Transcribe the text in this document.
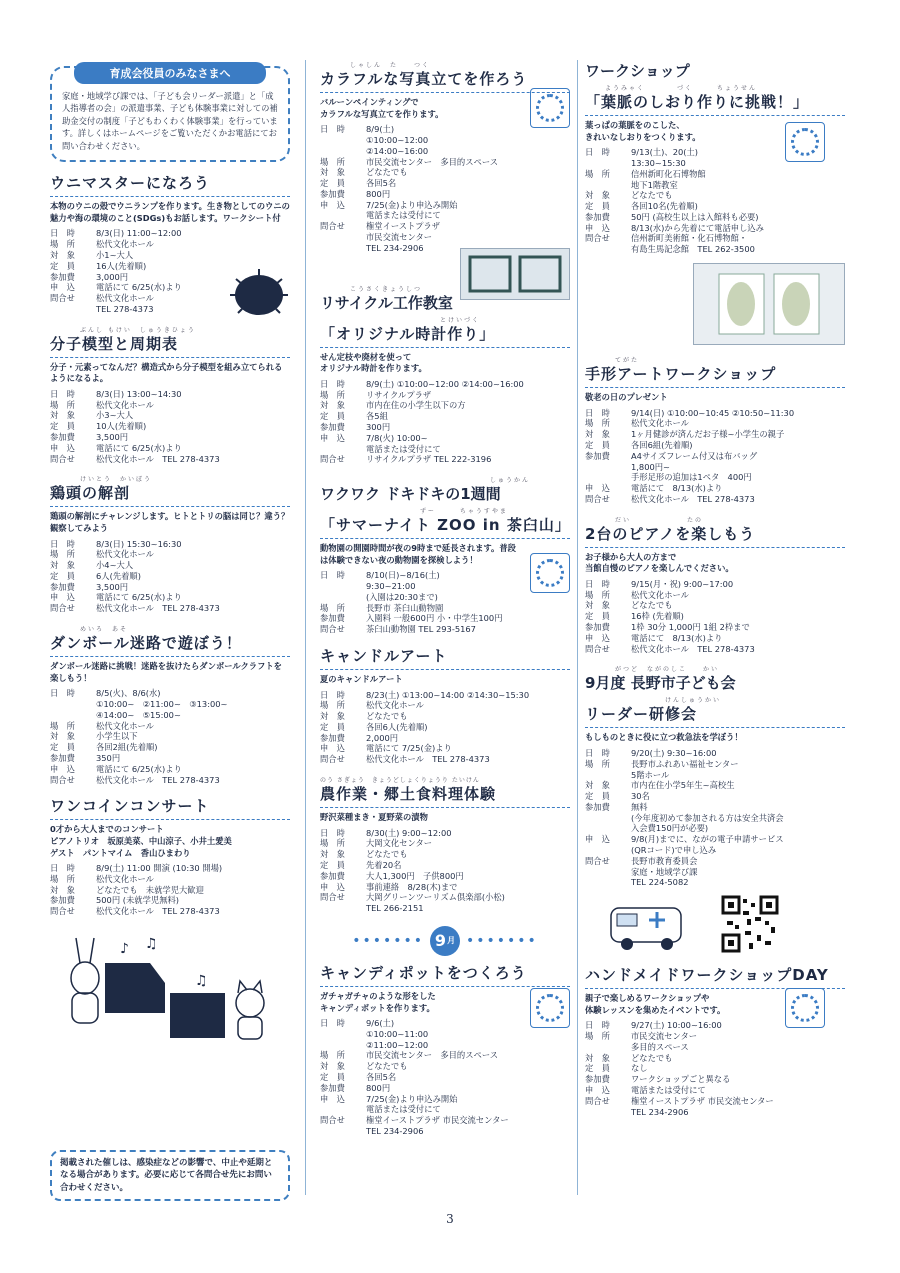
育成会役員のみなさまへ
家庭・地域学び課では、「子ども会リーダー派遣」と「成人指導者の会」の派遣事業、子ども体験事業に対しての補助金交付の制度「子どもわくわく体験事業」を行っています。詳しくはホームページをご覧いただくかお電話にてお問い合わせください。
ウニマスターになろう
本物のウニの殻でウニランプを作ります。生き物としてのウニの魅力や海の環境のこと(SDGs)もお話します。ワークシート付
日　時	8/3(日) 11:00~12:00
場　所	松代文化ホール
対　象	小1~大人
定　員	16人(先着順)
参加費	3,000円
申　込	電話にて 6/25(水)より
問合せ	松代文化ホール
TEL 278-4373
ぶんし もけい　しゅうきひょう
分子模型と周期表
分子・元素ってなんだ？構造式から分子模型を組み立てられるようになるよ。
日　時	8/3(日) 13:00~14:30
場　所	松代文化ホール
対　象	小3~大人
定　員	10人(先着順)
参加費	3,500円
申　込	電話にて 6/25(水)より
問合せ	松代文化ホール　TEL 278-4373
けいとう　かいぼう
鶏頭の解剖
鶏頭の解剖にチャレンジします。ヒトとトリの脳は同じ？違う？観察してみよう
日　時	8/3(日) 15:30~16:30
場　所	松代文化ホール
対　象	小4~大人
定　員	6人(先着順)
参加費	3,500円
申　込	電話にて 6/25(水)より
問合せ	松代文化ホール　TEL 278-4373
めいろ　あそ
ダンボール迷路で遊ぼう！
ダンボール迷路に挑戦！迷路を抜けたらダンボールクラフトを楽しもう！
日　時	8/5(火)、8/6(水)
①10:00~　②11:00~　③13:00~
④14:00~　⑤15:00~
場　所	松代文化ホール
対　象	小学生以下
定　員	各回2組(先着順)
参加費	350円
申　込	電話にて 6/25(水)より
問合せ	松代文化ホール　TEL 278-4373
ワンコインコンサート
0才から大人までのコンサート
ピアノトリオ　坂原美菜、中山涼子、小井土愛美
ゲスト　パントマイム　香山ひまわり
日　時	8/9(土) 11:00 開演 (10:30 開場)
場　所	松代文化ホール
対　象	どなたでも　未就学児大歓迎
参加費	500円 (未就学児無料)
問合せ	松代文化ホール　TEL 278-4373
♪ ♫
♫
掲載された催しは、感染症などの影響で、中止や延期となる場合があります。必要に応じて各問合せ先にお問い合わせください。
しゃしん　た　　つく
カラフルな写真立てを作ろう
バルーンペインティングで
カラフルな写真立てを作ります。
日　時	8/9(土)
①10:00~12:00
②14:00~16:00
場　所	市民交流センター　多目的スペース
対　象	どなたでも
定　員	各回5名
参加費	800円
申　込	7/25(金)より申込み開始
電話または受付にて
問合せ	権堂イーストプラザ
市民交流センター
TEL 234-2906
こうさくきょうしつ
リサイクル工作教室
とけいづく
「オリジナル時計作り」
せん定枝や廃材を使って
オリジナル時計を作ります。
日　時	8/9(土) ①10:00~12:00 ②14:00~16:00
場　所	リサイクルプラザ
対　象	市内在住の小学生以下の方
定　員	各5組
参加費	300円
申　込	7/8(火) 10:00~
電話または受付にて
問合せ	リサイクルプラザ TEL 222-3196
しゅうかん
ワクワク ドキドキの1週間
ずー　　　ちゃうすやま
「サマーナイト ZOO in 茶臼山」
動物園の開園時間が夜の9時まで延長されます。普段は体験できない夜の動物園を探検しよう！
日　時	8/10(日)~8/16(土)
9:30~21:00
(入園は20:30まで)
場　所	長野市 茶臼山動物園
参加費	入園料 一般600円 小・中学生100円
問合せ	茶臼山動物園 TEL 293-5167
キャンドルアート
夏のキャンドルアート
日　時	8/23(土) ①13:00~14:00 ②14:30~15:30
場　所	松代文化ホール
対　象	どなたでも
定　員	各回6人(先着順)
参加費	2,000円
申　込	電話にて 7/25(金)より
問合せ	松代文化ホール　TEL 278-4373
のう さぎょう　きょうどしょくりょうり たいけん
農作業・郷土食料理体験
野沢菜種まき・夏野菜の漬物
日　時	8/30(土) 9:00~12:00
場　所	大岡文化センター
対　象	どなたでも
定　員	先着20名
参加費	大人1,300円　子供800円
申　込	事前連絡　8/28(木)まで
問合せ	大岡グリーンツーリズム倶楽部(小松)
TEL 266-2151
••••••• 9 月 •••••••
キャンディポットをつくろう
ガチャガチャのような形をした
キャンディポットを作ります。
日　時	9/6(土)
①10:00~11:00
②11:00~12:00
場　所	市民交流センター　多目的スペース
対　象	どなたでも
定　員	各回5名
参加費	800円
申　込	7/25(金)より申込み開始
電話または受付にて
問合せ	権堂イーストプラザ 市民交流センター
TEL 234-2906
ワークショップ
ようみゃく　　　　づく　　　ちょうせん
「葉脈のしおり作りに挑戦！」
葉っぱの葉脈をのこした、
きれいなしおりをつくります。
日　時	9/13(土)、20(土)
13:30~15:30
場　所	信州新町化石博物館
地下1階教室
対　象	どなたでも
定　員	各回10名(先着順)
参加費	50円 (高校生以上は入館料も必要)
申　込	8/13(水)から先着にて電話申し込み
問合せ	信州新町美術館・化石博物館・
有島生馬記念館　TEL 262-3500
てがた
手形アートワークショップ
敬老の日のプレゼント
日　時	9/14(日) ①10:00~10:45 ②10:50~11:30
場　所	松代文化ホール
対　象	1ヶ月健診が済んだお子様~小学生の親子
定　員	各回6組(先着順)
参加費	A4サイズフレーム付又は布バッグ
1,800円~
手形足形の追加は1ペタ　400円
申　込	電話にて　8/13(水)より
問合せ	松代文化ホール　TEL 278-4373
だい　　　　　　　たの
2台のピアノを楽しもう
お子様から大人の方まで
当館自慢のピアノを楽しんでください。
日　時	9/15(月・祝) 9:00~17:00
場　所	松代文化ホール
対　象	どなたでも
定　員	16枠 (先着順)
参加費	1枠 30分 1,000円 1組 2枠まで
申　込	電話にて　8/13(水)より
問合せ	松代文化ホール　TEL 278-4373
がつど　ながのしこ　　かい
9月度 長野市子ども会
けんしゅうかい
リーダー研修会
もしものときに役に立つ救急法を学ぼう！
日　時	9/20(土) 9:30~16:00
場　所	長野市ふれあい福祉センター
5階ホール
対　象	市内在住小学5年生~高校生
定　員	30名
参加費	無料
(今年度初めて参加される方は安全共済会
入会費150円が必要)
申　込	9/8(月)までに、ながの電子申請サービス
(QRコード)で申し込み
問合せ	長野市教育委員会
家庭・地域学び課
TEL 224-5082
ハンドメイドワークショップDAY
親子で楽しめるワークショップや
体験レッスンを集めたイベントです。
日　時	9/27(土) 10:00~16:00
場　所	市民交流センター
多目的スペース
対　象	どなたでも
定　員	なし
参加費	ワークショップごと異なる
申　込	電話または受付にて
問合せ	権堂イーストプラザ 市民交流センター
TEL 234-2906
3
